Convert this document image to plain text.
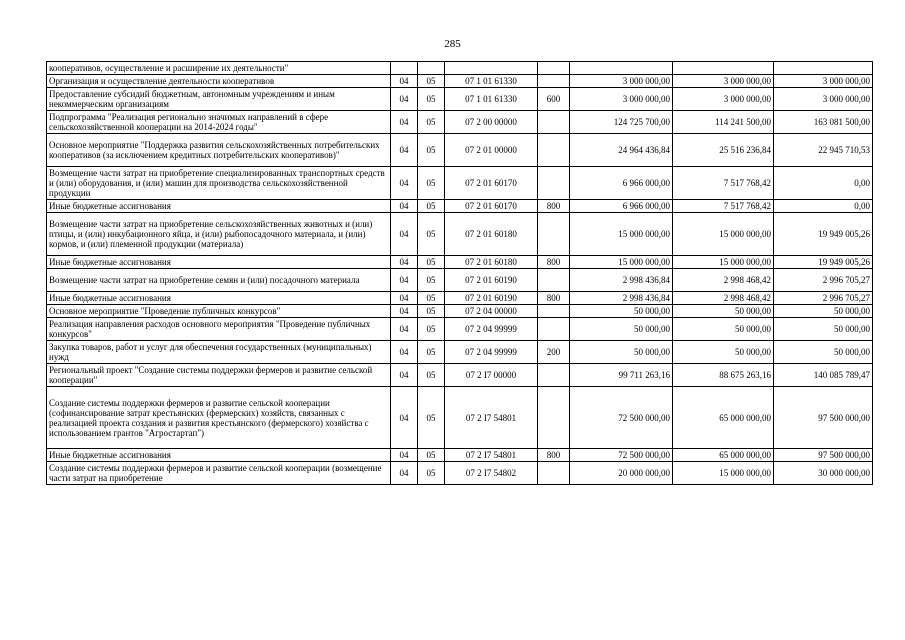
285
кооперативов, осуществление и расширение их деятельности"							
Организация и осуществление деятельности кооперативов	04	05	07 1 01 61330		3 000 000,00	3 000 000,00	3 000 000,00
Предоставление субсидий бюджетным, автономным учреждениям и иным некоммерческим организациям	04	05	07 1 01 61330	600	3 000 000,00	3 000 000,00	3 000 000,00
Подпрограмма "Реализация регионально значимых направлений в сфере сельскохозяйственной кооперации на 2014-2024 годы"	04	05	07 2 00 00000		124 725 700,00	114 241 500,00	163 081 500,00
Основное мероприятие "Поддержка развития сельскохозяйственных потребительских кооперативов (за исключением кредитных потребительских кооперативов)"	04	05	07 2 01 00000		24 964 436,84	25 516 236,84	22 945 710,53
Возмещение части затрат на приобретение специализированных транспортных средств и (или) оборудования, и (или) машин для производства сельскохозяйственной продукции	04	05	07 2 01 60170		6 966 000,00	7 517 768,42	0,00
Иные бюджетные ассигнования	04	05	07 2 01 60170	800	6 966 000,00	7 517 768,42	0,00
Возмещение части затрат на приобретение сельскохозяйственных животных и (или) птицы, и (или) инкубационного яйца, и (или) рыбопосадочного материала, и (или) кормов, и (или) племенной продукции (материала)	04	05	07 2 01 60180		15 000 000,00	15 000 000,00	19 949 005,26
Иные бюджетные ассигнования	04	05	07 2 01 60180	800	15 000 000,00	15 000 000,00	19 949 005,26
Возмещение части затрат на приобретение семян и (или) посадочного материала	04	05	07 2 01 60190		2 998 436,84	2 998 468,42	2 996 705,27
Иные бюджетные ассигнования	04	05	07 2 01 60190	800	2 998 436,84	2 998 468,42	2 996 705,27
Основное мероприятие "Проведение публичных конкурсов"	04	05	07 2 04 00000		50 000,00	50 000,00	50 000,00
Реализация направления расходов основного мероприятия "Проведение публичных конкурсов"	04	05	07 2 04 99999		50 000,00	50 000,00	50 000,00
Закупка товаров, работ и услуг для обеспечения государственных (муниципальных) нужд	04	05	07 2 04 99999	200	50 000,00	50 000,00	50 000,00
Региональный проект "Создание системы поддержки фермеров и развитие сельской кооперации"	04	05	07 2 I7 00000		99 711 263,16	88 675 263,16	140 085 789,47
Создание системы поддержки фермеров и развитие сельской кооперации (софинансирование затрат крестьянских (фермерских) хозяйств, связанных с реализацией проекта создания и развития крестьянского (фермерского) хозяйства с использованием грантов "Агростартап")	04	05	07 2 I7 54801		72 500 000,00	65 000 000,00	97 500 000,00
Иные бюджетные ассигнования	04	05	07 2 I7 54801	800	72 500 000,00	65 000 000,00	97 500 000,00
Создание системы поддержки фермеров и развитие сельской кооперации (возмещение части затрат на приобретение	04	05	07 2 I7 54802		20 000 000,00	15 000 000,00	30 000 000,00
